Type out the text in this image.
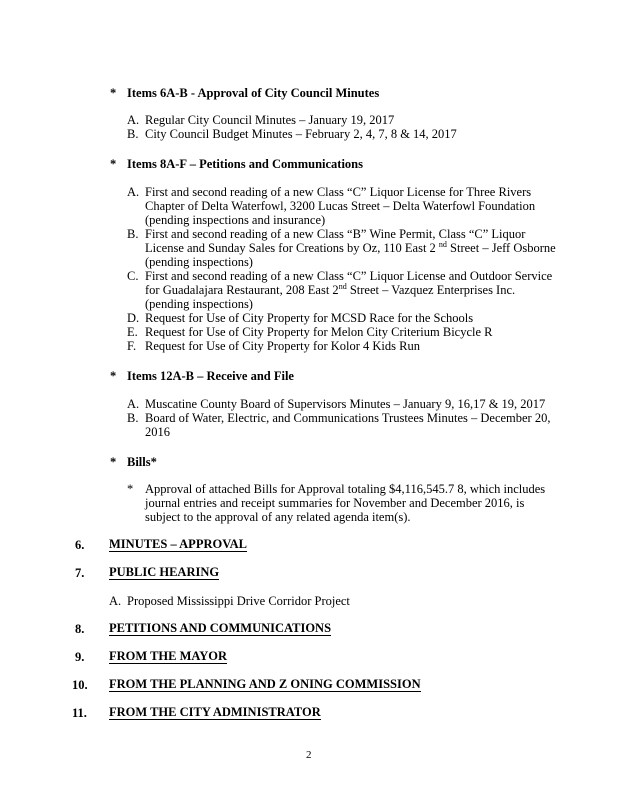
* Items 6A-B - Approval of City Council Minutes
A. Regular City Council Minutes – January 19, 2017
B. City Council Budget Minutes – February 2, 4, 7, 8 & 14, 2017
* Items 8A-F – Petitions and Communications
A. First and second reading of a new Class “C” Liquor License for Three Rivers
Chapter of Delta Waterfowl, 3200 Lucas Street – Delta Waterfowl Foundation
(pending inspections and insurance)
B. First and second reading of a new Class “B” Wine Permit, Class “C” Liquor
License and Sunday Sales for Creations by Oz, 110 East 2 $^{nd}$ Street – Jeff Osborne
(pending inspections)
C. First and second reading of a new Class “C” Liquor License and Outdoor Service
for Guadalajara Restaurant, 208 East 2nd Street – Vazquez Enterprises Inc.
(pending inspections)
D. Request for Use of City Property for MCSD Race for the Schools
E. Request for Use of City Property for Melon City Criterium Bicycle R
F. Request for Use of City Property for Kolor 4 Kids Run
* Items 12A-B – Receive and File
A. Muscatine County Board of Supervisors Minutes – January 9, 16,17 & 19, 2017
B. Board of Water, Electric, and Communications Trustees Minutes – December 20,
2016
* Bills*
* Approval of attached Bills for Approval totaling $4,116,545.7 8, which includes
journal entries and receipt summaries for November and December 2016, is
subject to the approval of any related agenda item(s).
6. MINUTES – APPROVAL
7. PUBLIC HEARING
A. Proposed Mississippi Drive Corridor Project
8. PETITIONS AND COMMUNICATIONS
9. FROM THE MAYOR
10. FROM THE PLANNING AND Z ONING COMMISSION
11. FROM THE CITY ADMINISTRATOR
2
